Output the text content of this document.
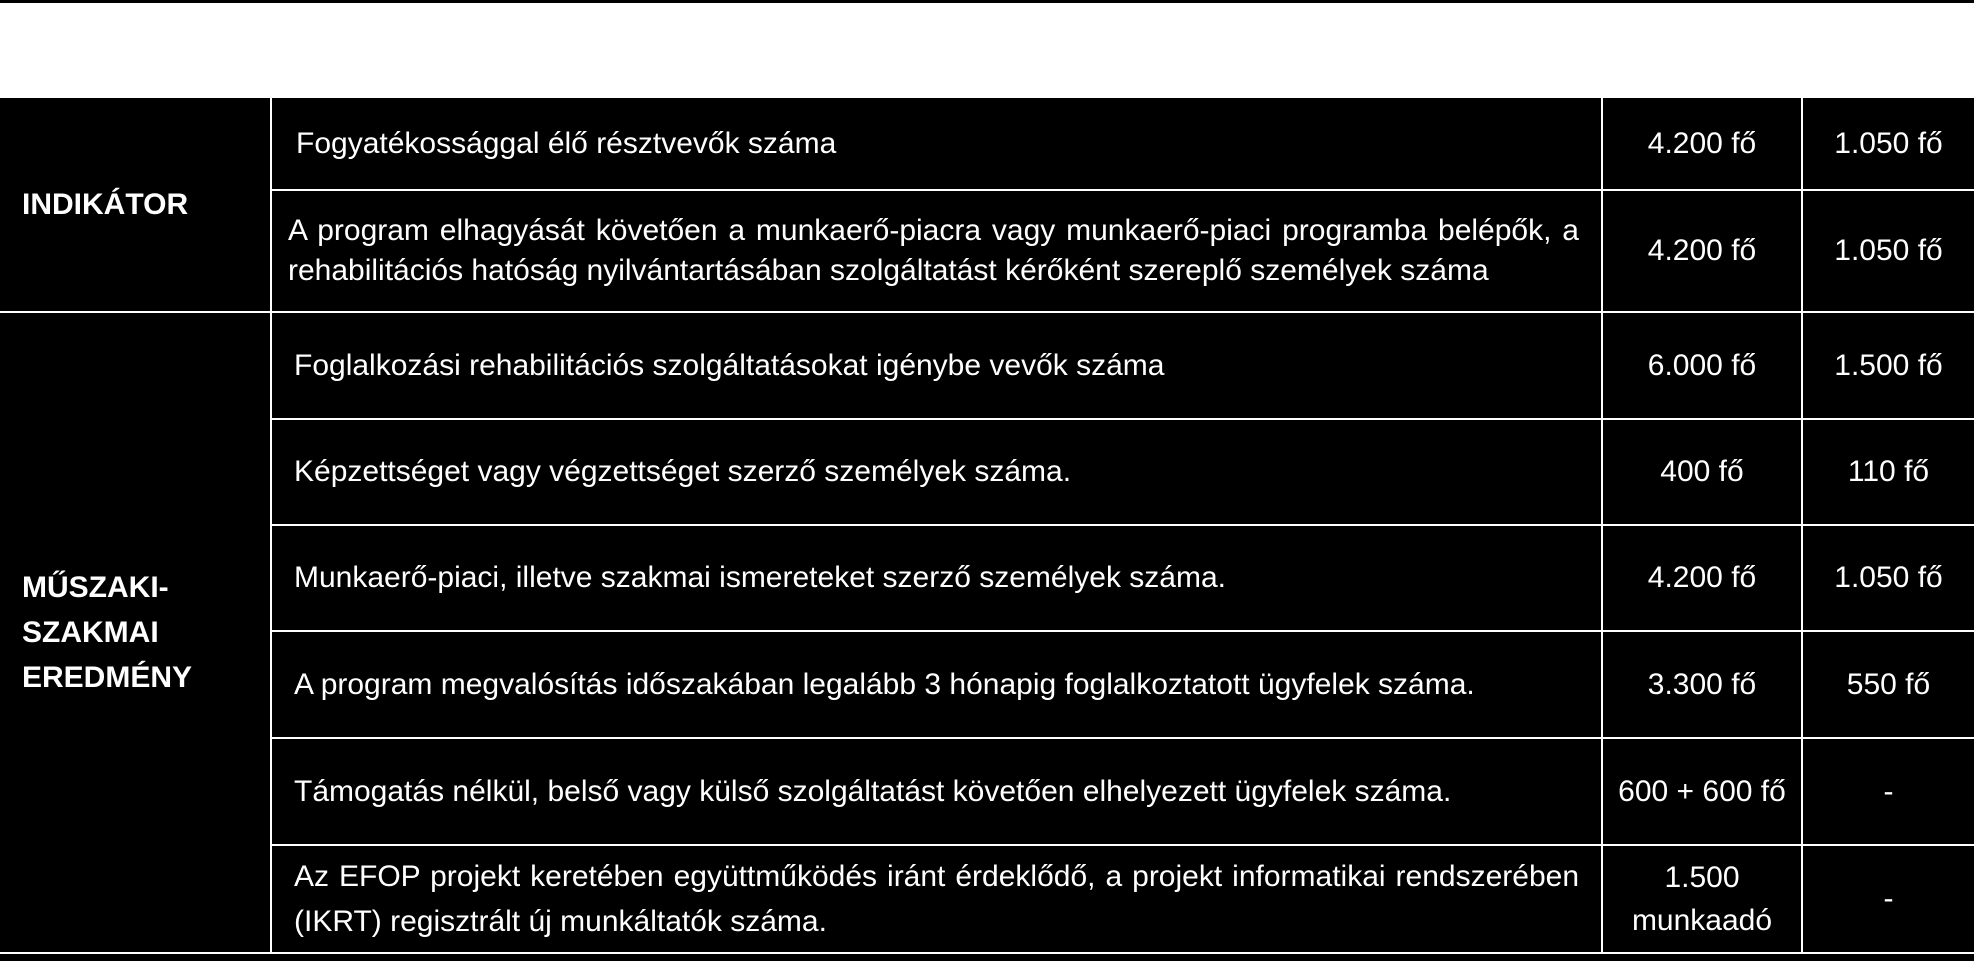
INDIKÁTOR	Fogyatékossággal élő résztvevők száma	4.200 fő	1.050 fő
	A program elhagyását követően a munkaerő-piacra vagy munkaerő-piaci programba belépők, a rehabilitációs hatóság nyilvántartásában szolgáltatást kérőként szereplő személyek száma	4.200 fő	1.050 fő

MŰSZAKI-SZAKMAI EREDMÉNY	Foglalkozási rehabilitációs szolgáltatásokat igénybe vevők száma	6.000 fő	1.500 fő
	Képzettséget vagy végzettséget szerző személyek száma.	400 fő	110 fő
	Munkaerő-piaci, illetve szakmai ismereteket szerző személyek száma.	4.200 fő	1.050 fő
	A program megvalósítás időszakában legalább 3 hónapig foglalkoztatott ügyfelek száma.	3.300 fő	550 fő
	Támogatás nélkül, belső vagy külső szolgáltatást követően elhelyezett ügyfelek száma.	600 + 600 fő	-
	Az EFOP projekt keretében együttműködés iránt érdeklődő, a projekt informatikai rendszerében (IKRT) regisztrált új munkáltatók száma.	1.500 munkaadó	-
